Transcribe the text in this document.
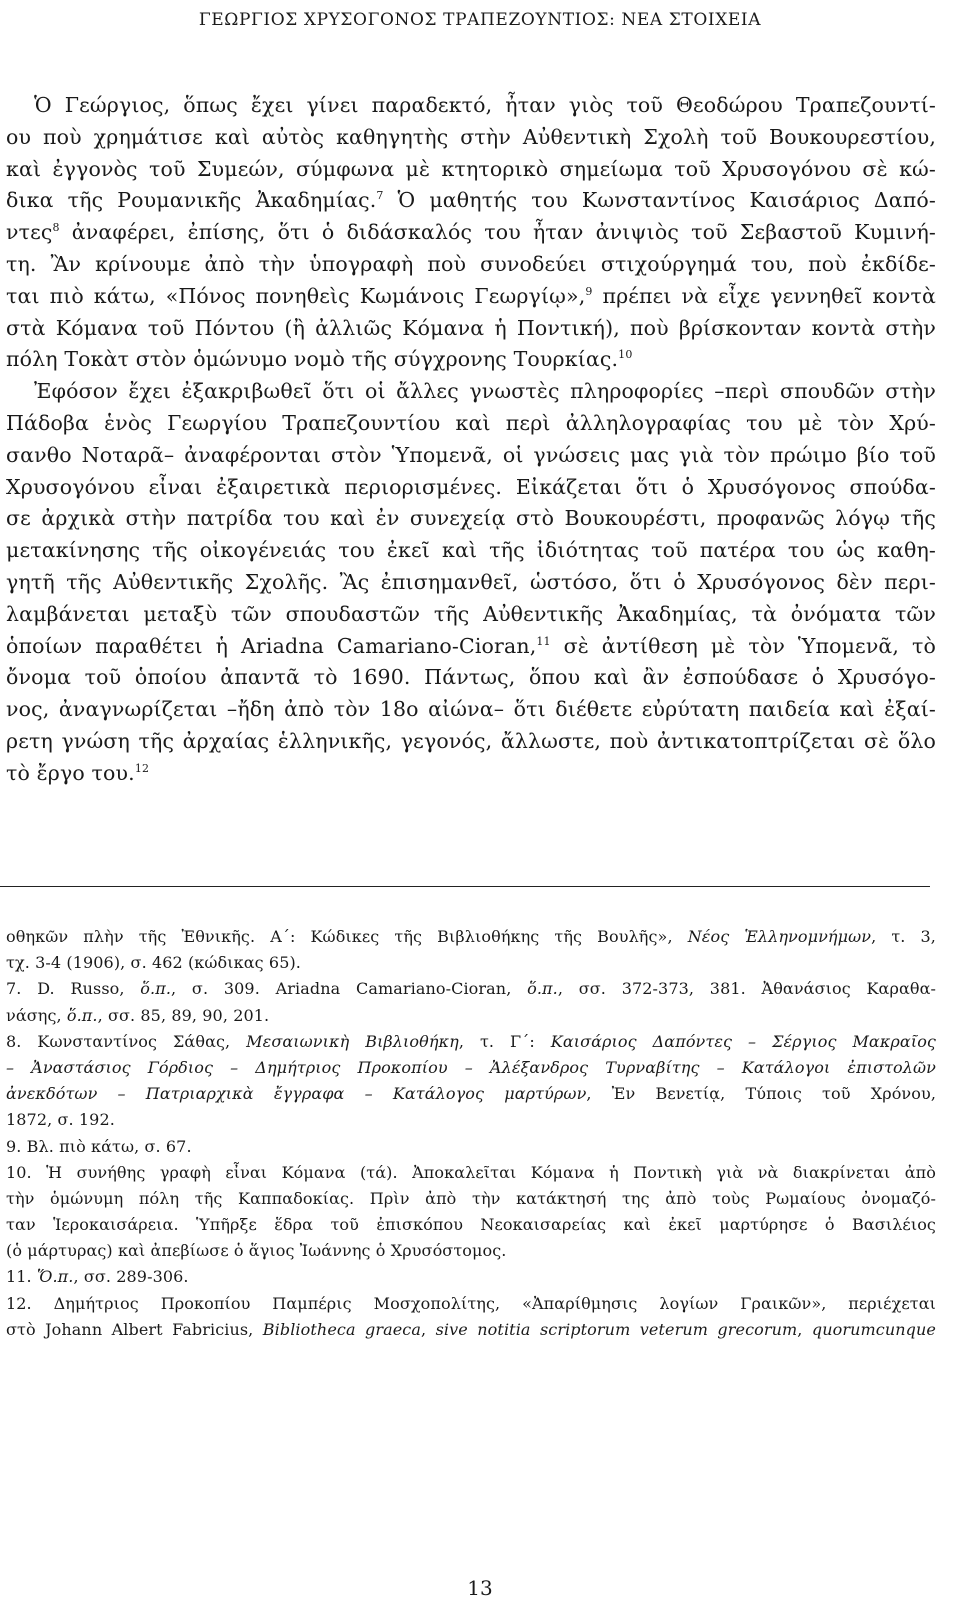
ΓΕΩΡΓΙΟΣ ΧΡΥΣΟΓΟΝΟΣ ΤΡΑΠΕΖΟΥΝΤΙΟΣ: ΝΕΑ ΣΤΟΙΧΕΙΑ
Ὁ Γεώργιος, ὅπως ἔχει γίνει παραδεκτό, ἦταν γιὸς τοῦ Θεοδώρου Τραπεζουντί-
ου ποὺ χρημάτισε καὶ αὐτὸς καθηγητὴς στὴν Αὐθεντικὴ Σχολὴ τοῦ Βουκουρεστίου,
καὶ ἐγγονὸς τοῦ Συμεών, σύμφωνα μὲ κτητορικὸ σημείωμα τοῦ Χρυσογόνου σὲ κώ-
δικα τῆς Ρουμανικῆς Ἀκαδημίας.$^7$ Ὁ μαθητής του Κωνσταντίνος Καισάριος Δαπό-
ντες$^8$ ἀναφέρει, ἐπίσης, ὅτι ὁ διδάσκαλός του ἦταν ἀνιψιὸς τοῦ Σεβαστοῦ Κυμινή-
τη. Ἂν κρίνουμε ἀπὸ τὴν ὑπογραφὴ ποὺ συνοδεύει στιχούργημά του, ποὺ ἐκδίδε-
ται πιὸ κάτω, «Πόνος πονηθεὶς Κωμάνοις Γεωργίῳ»,$^9$ πρέπει νὰ εἶχε γεννηθεῖ κοντὰ
στὰ Κόμανα τοῦ Πόντου (ἢ ἀλλιῶς Κόμανα ἡ Ποντική), ποὺ βρίσκονταν κοντὰ στὴν
πόλη Τοκὰτ στὸν ὁμώνυμο νομὸ τῆς σύγχρονης Τουρκίας.$^{10}$
Ἐφόσον ἔχει ἐξακριβωθεῖ ὅτι οἱ ἄλλες γνωστὲς πληροφορίες –περὶ σπουδῶν στὴν
Πάδοβα ἑνὸς Γεωργίου Τραπεζουντίου καὶ περὶ ἀλληλογραφίας του μὲ τὸν Χρύ-
σανθο Νοταρᾶ– ἀναφέρονται στὸν Ὑπομενᾶ, οἱ γνώσεις μας γιὰ τὸν πρώιμο βίο τοῦ
Χρυσογόνου εἶναι ἐξαιρετικὰ περιορισμένες. Εἰκάζεται ὅτι ὁ Χρυσόγονος σπούδα-
σε ἀρχικὰ στὴν πατρίδα του καὶ ἐν συνεχείᾳ στὸ Βουκουρέστι, προφανῶς λόγῳ τῆς
μετακίνησης τῆς οἰκογένειάς του ἐκεῖ καὶ τῆς ἰδιότητας τοῦ πατέρα του ὡς καθη-
γητῆ τῆς Αὐθεντικῆς Σχολῆς. Ἂς ἐπισημανθεῖ, ὡστόσο, ὅτι ὁ Χρυσόγονος δὲν περι-
λαμβάνεται μεταξὺ τῶν σπουδαστῶν τῆς Αὐθεντικῆς Ἀκαδημίας, τὰ ὀνόματα τῶν
ὁποίων παραθέτει ἡ Ariadna Camariano-Cioran,$^{11}$ σὲ ἀντίθεση μὲ τὸν Ὑπομενᾶ, τὸ
ὄνομα τοῦ ὁποίου ἀπαντᾶ τὸ 1690. Πάντως, ὅπου καὶ ἂν ἐσπούδασε ὁ Χρυσόγο-
νος, ἀναγνωρίζεται –ἤδη ἀπὸ τὸν 18ο αἰώνα– ὅτι διέθετε εὐρύτατη παιδεία καὶ ἐξαί-
ρετη γνώση τῆς ἀρχαίας ἑλληνικῆς, γεγονός, ἄλλωστε, ποὺ ἀντικατοπτρίζεται σὲ ὅλο
τὸ ἔργο του.$^{12}$
οθηκῶν πλὴν τῆς Ἐθνικῆς. Α΄: Κώδικες τῆς Βιβλιοθήκης τῆς Βουλῆς», Νέος Ἑλληνομνήμων, τ. 3,
τχ. 3-4 (1906), σ. 462 (κώδικας 65).
7. D. Russo, ὅ.π., σ. 309. Ariadna Camariano-Cioran, ὅ.π., σσ. 372-373, 381. Ἀθανάσιος Καραθα-
νάσης, ὅ.π., σσ. 85, 89, 90, 201.
8. Κωνσταντίνος Σάθας, Μεσαιωνικὴ Βιβλιοθήκη, τ. Γ΄: Καισάριος Δαπόντες – Σέργιος Μακραῖος
– Ἀναστάσιος Γόρδιος – Δημήτριος Προκοπίου – Ἀλέξανδρος Τυρναβίτης – Κατάλογοι ἐπιστολῶν
ἀνεκδότων – Πατριαρχικὰ ἔγγραφα – Κατάλογος μαρτύρων, Ἐν Βενετίᾳ, Τύποις τοῦ Χρόνου,
1872, σ. 192.
9. Βλ. πιὸ κάτω, σ. 67.
10. Ἡ συνήθης γραφὴ εἶναι Κόμανα (τά). Ἀποκαλεῖται Κόμανα ἡ Ποντικὴ γιὰ νὰ διακρίνεται ἀπὸ
τὴν ὁμώνυμη πόλη τῆς Καππαδοκίας. Πρὶν ἀπὸ τὴν κατάκτησή της ἀπὸ τοὺς Ρωμαίους ὀνομαζό-
ταν Ἱεροκαισάρεια. Ὑπῆρξε ἕδρα τοῦ ἐπισκόπου Νεοκαισαρείας καὶ ἐκεῖ μαρτύρησε ὁ Βασιλέιος
(ὁ μάρτυρας) καὶ ἀπεβίωσε ὁ ἅγιος Ἰωάννης ὁ Χρυσόστομος.
11. Ὅ.π., σσ. 289-306.
12. Δημήτριος Προκοπίου Παμπέρις Μοσχοπολίτης, «Ἀπαρίθμησις λογίων Γραικῶν», περιέχεται
στὸ Johann Albert Fabricius, Bibliotheca graeca, sive notitia scriptorum veterum grecorum, quorumcunque
13
